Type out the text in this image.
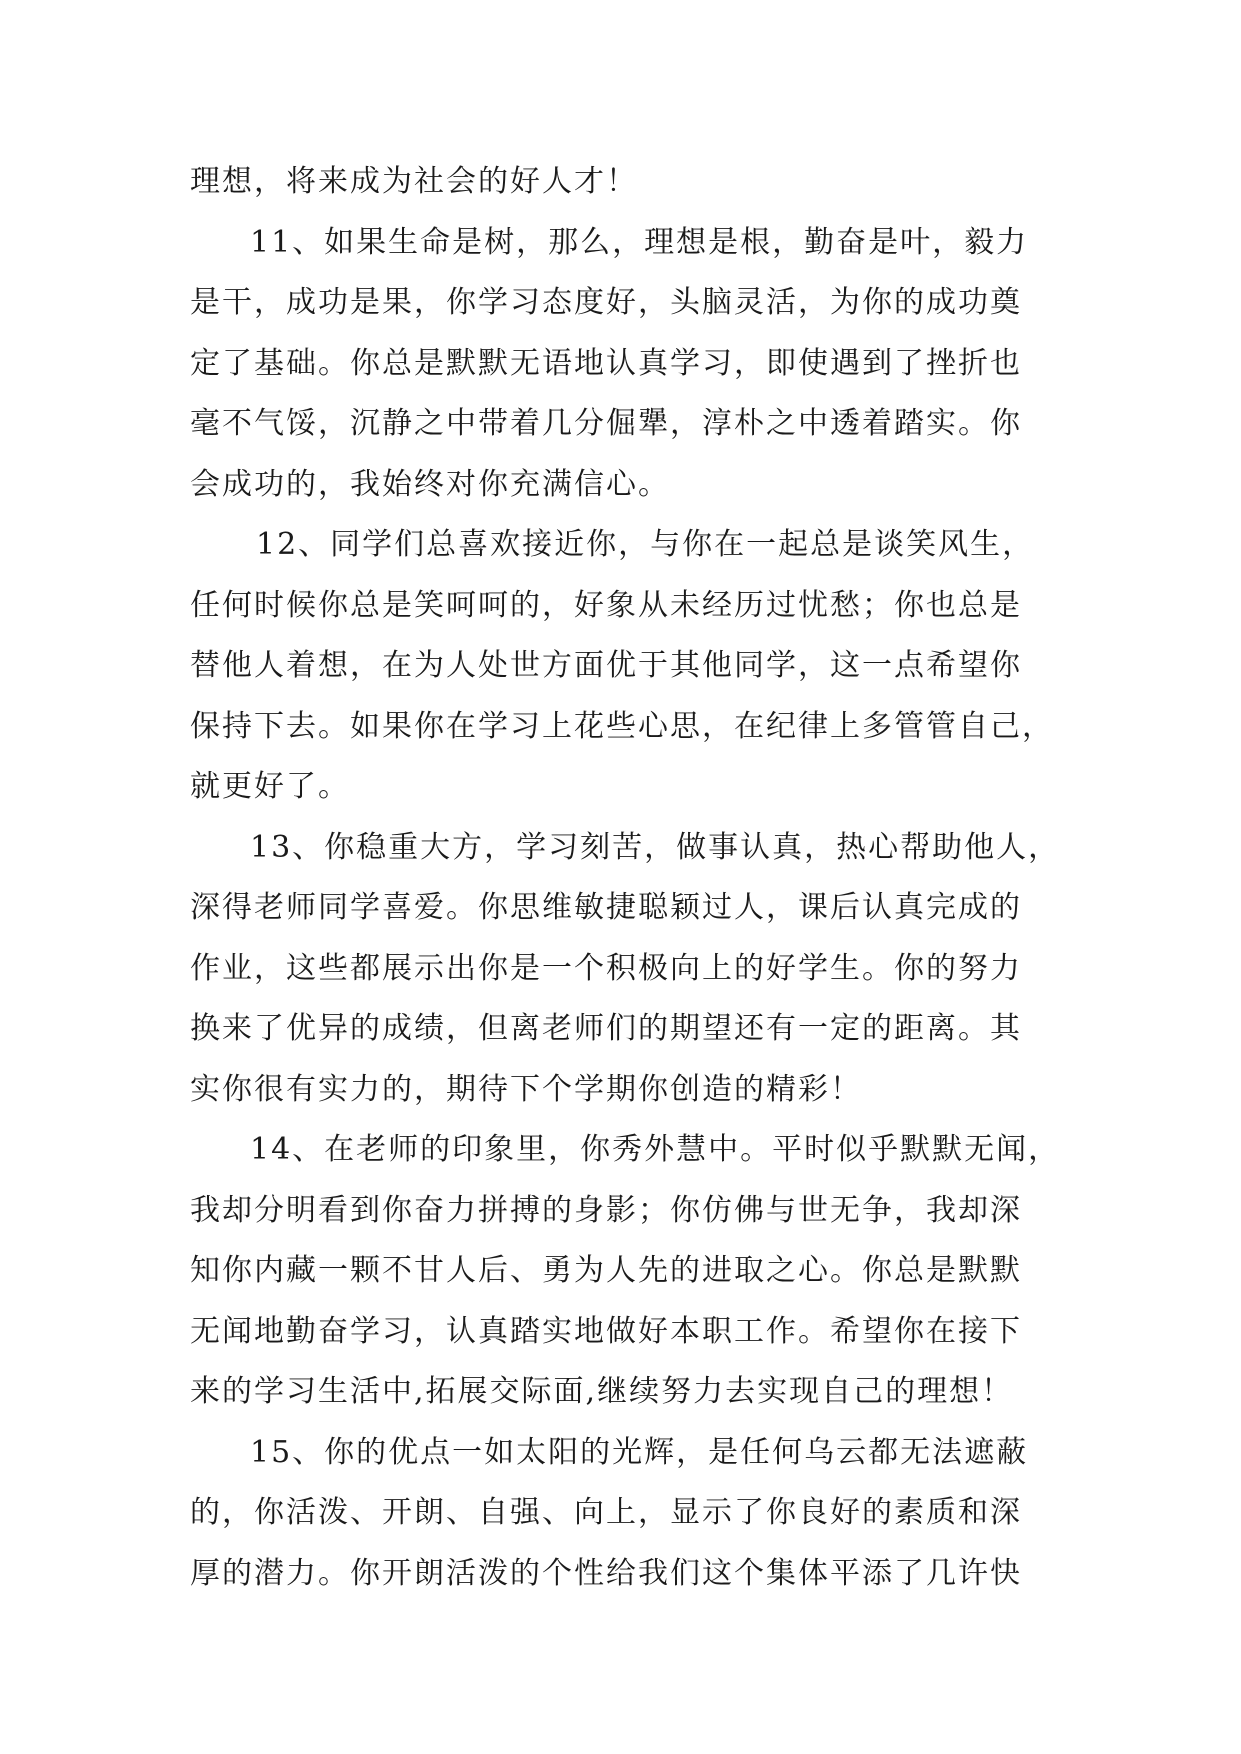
理想，将来成为社会的好人才！

11、如果生命是树，那么，理想是根，勤奋是叶，毅力
是干，成功是果，你学习态度好，头脑灵活，为你的成功奠
定了基础。你总是默默无语地认真学习，即使遇到了挫折也
毫不气馁，沉静之中带着几分倔犟，淳朴之中透着踏实。你
会成功的，我始终对你充满信心。

12、同学们总喜欢接近你，与你在一起总是谈笑风生，
任何时候你总是笑呵呵的，好象从未经历过忧愁；你也总是
替他人着想，在为人处世方面优于其他同学，这一点希望你
保持下去。如果你在学习上花些心思，在纪律上多管管自己，
就更好了。

13、你稳重大方，学习刻苦，做事认真，热心帮助他人，
深得老师同学喜爱。你思维敏捷聪颖过人，课后认真完成的
作业，这些都展示出你是一个积极向上的好学生。你的努力
换来了优异的成绩，但离老师们的期望还有一定的距离。其
实你很有实力的，期待下个学期你创造的精彩！

14、在老师的印象里，你秀外慧中。平时似乎默默无闻，
我却分明看到你奋力拼搏的身影；你仿佛与世无争，我却深
知你内藏一颗不甘人后、勇为人先的进取之心。你总是默默
无闻地勤奋学习，认真踏实地做好本职工作。希望你在接下
来的学习生活中,拓展交际面,继续努力去实现自己的理想！

15、你的优点一如太阳的光辉，是任何乌云都无法遮蔽
的，你活泼、开朗、自强、向上，显示了你良好的素质和深
厚的潜力。你开朗活泼的个性给我们这个集体平添了几许快
